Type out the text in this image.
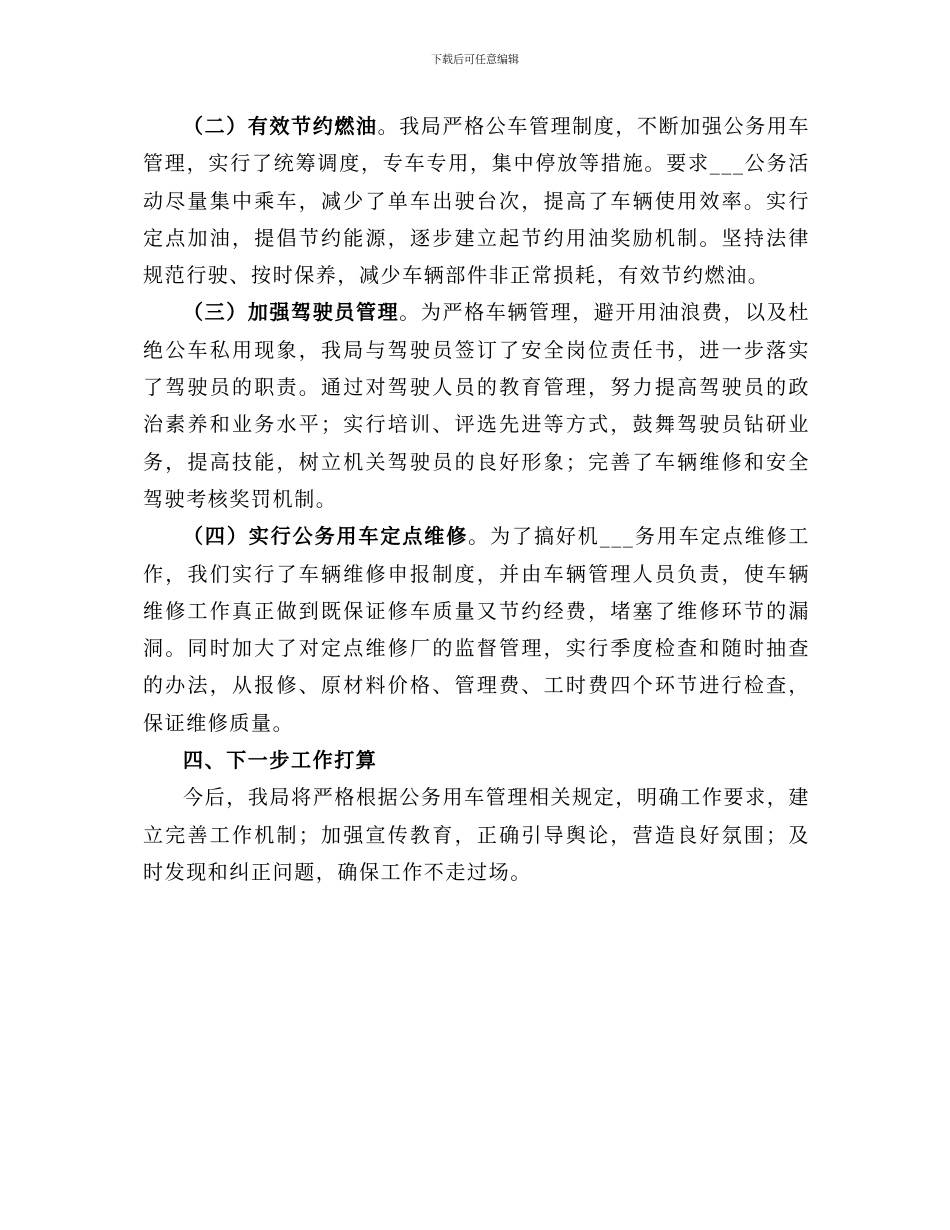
下载后可任意编辑

（二）有效节约燃油。我局严格公车管理制度，不断加强公务用车管理，实行了统筹调度，专车专用，集中停放等措施。要求___公务活动尽量集中乘车，减少了单车出驶台次，提高了车辆使用效率。实行定点加油，提倡节约能源，逐步建立起节约用油奖励机制。坚持法律规范行驶、按时保养，减少车辆部件非正常损耗，有效节约燃油。

（三）加强驾驶员管理。为严格车辆管理，避开用油浪费，以及杜绝公车私用现象，我局与驾驶员签订了安全岗位责任书，进一步落实了驾驶员的职责。通过对驾驶人员的教育管理，努力提高驾驶员的政治素养和业务水平；实行培训、评选先进等方式，鼓舞驾驶员钻研业务，提高技能，树立机关驾驶员的良好形象；完善了车辆维修和安全驾驶考核奖罚机制。

（四）实行公务用车定点维修。为了搞好机___务用车定点维修工作，我们实行了车辆维修申报制度，并由车辆管理人员负责，使车辆维修工作真正做到既保证修车质量又节约经费，堵塞了维修环节的漏洞。同时加大了对定点维修厂的监督管理，实行季度检查和随时抽查的办法，从报修、原材料价格、管理费、工时费四个环节进行检查，保证维修质量。

四、下一步工作打算

今后，我局将严格根据公务用车管理相关规定，明确工作要求，建立完善工作机制；加强宣传教育，正确引导舆论，营造良好氛围；及时发现和纠正问题，确保工作不走过场。
